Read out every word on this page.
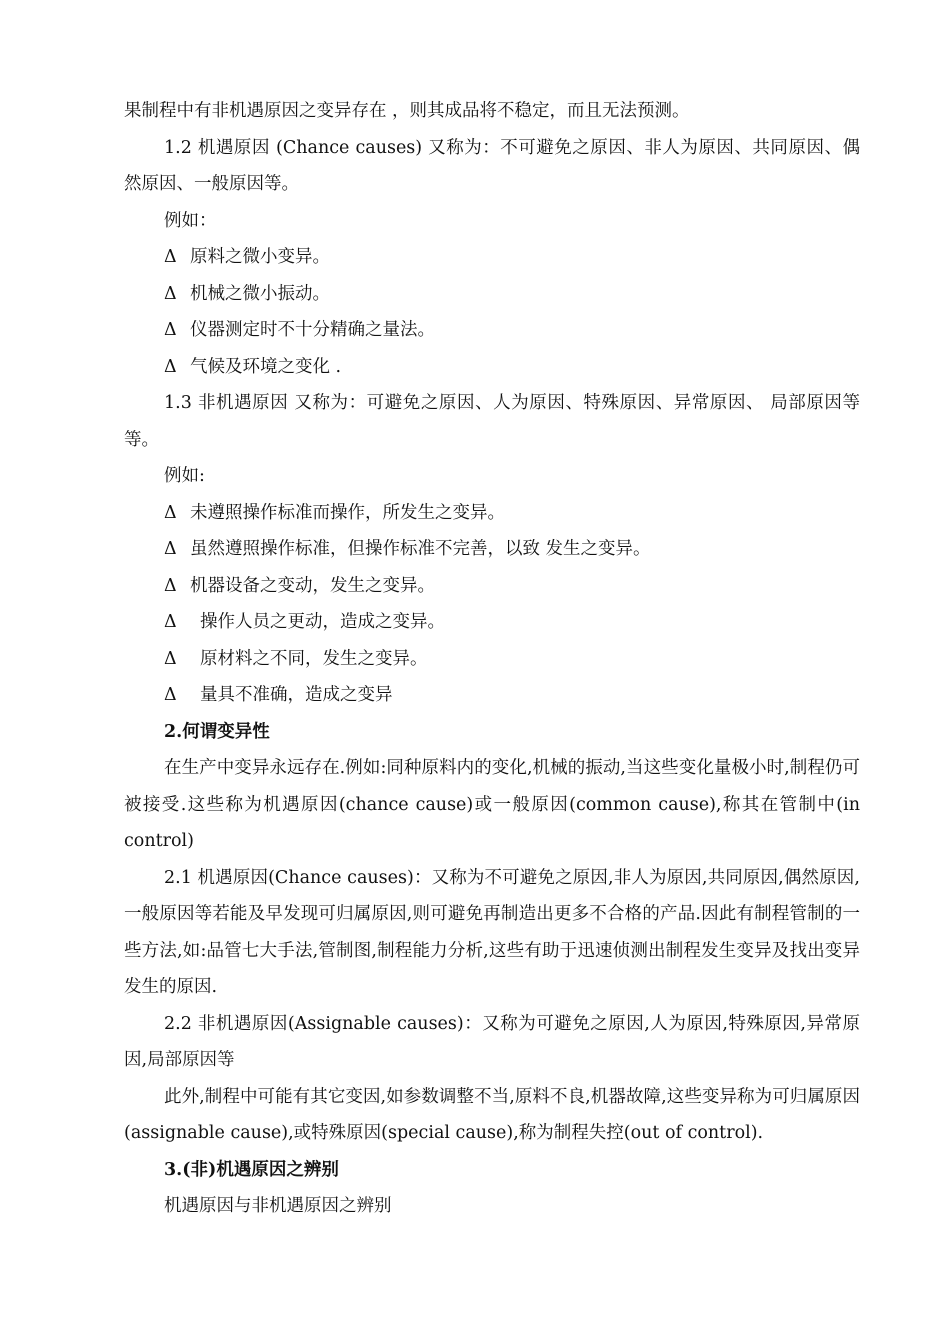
果制程中有非机遇原因之变异存在 ，则其成品将不稳定，而且无法预测。

1.2 机遇原因 (Chance causes) 又称为：不可避免之原因、非人为原因、共同原因、偶然原因、一般原因等。

例如：

Δ 原料之微小变异。

Δ 机械之微小振动。

Δ 仪器测定时不十分精确之量法。

Δ 气候及环境之变化 .

1.3 非机遇原因 又称为：可避免之原因、人为原因、特殊原因、异常原因、 局部原因等等。

例如:

Δ 未遵照操作标准而操作，所发生之变异。

Δ 虽然遵照操作标准，但操作标准不完善，以致 发生之变异。

Δ 机器设备之变动，发生之变异。

Δ 操作人员之更动，造成之变异。

Δ 原材料之不同，发生之变异。

Δ 量具不准确，造成之变异

2.何谓变异性

在生产中变异永远存在.例如:同种原料内的变化,机械的振动,当这些变化量极小时,制程仍可被接受.这些称为机遇原因(chance cause)或一般原因(common cause),称其在管制中(in control)

2.1 机遇原因(Chance causes)：又称为不可避免之原因,非人为原因,共同原因,偶然原因,一般原因等若能及早发现可归属原因,则可避免再制造出更多不合格的产品.因此有制程管制的一些方法,如:品管七大手法,管制图,制程能力分析,这些有助于迅速侦测出制程发生变异及找出变异发生的原因.

2.2 非机遇原因(Assignable causes)：又称为可避免之原因,人为原因,特殊原因,异常原因,局部原因等

此外,制程中可能有其它变因,如参数调整不当,原料不良,机器故障,这些变异称为可归属原因(assignable cause),或特殊原因(special cause),称为制程失控(out of control).

3.(非)机遇原因之辨别

机遇原因与非机遇原因之辨别
